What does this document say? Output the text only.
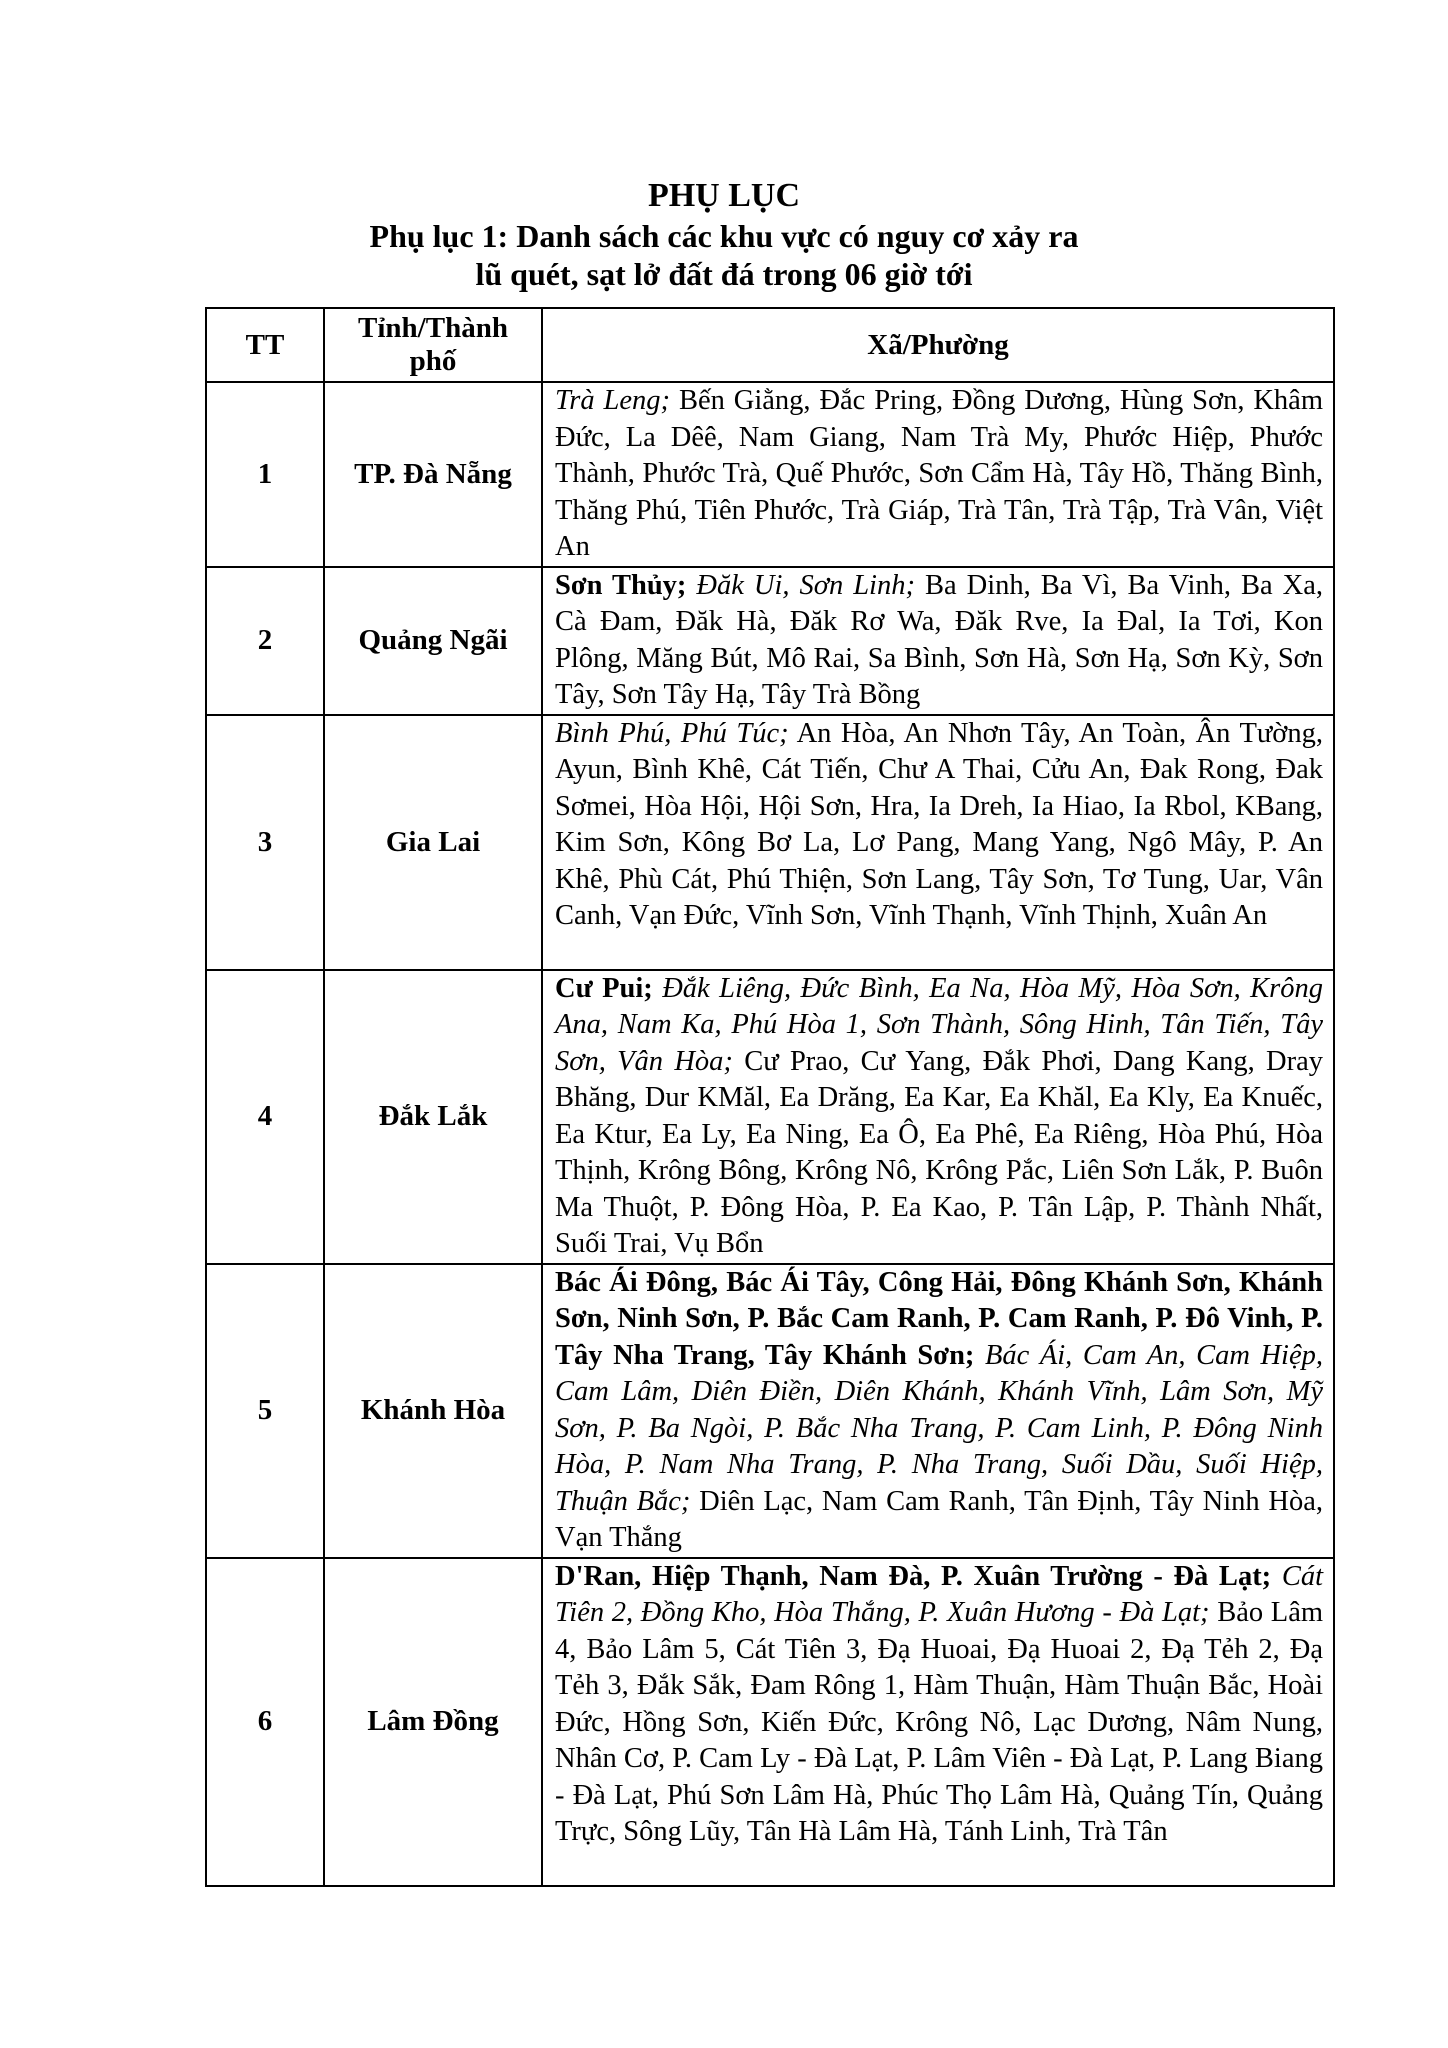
PHỤ LỤC
Phụ lục 1: Danh sách các khu vực có nguy cơ xảy ra
lũ quét, sạt lở đất đá trong 06 giờ tới
TT	Tỉnh/Thành phố	Xã/Phường
1	TP. Đà Nẵng	Trà Leng; Bến Giằng, Đắc Pring, Đồng Dương, Hùng Sơn, Khâm Đức, La Dêê, Nam Giang, Nam Trà My, Phước Hiệp, Phước Thành, Phước Trà, Quế Phước, Sơn Cẩm Hà, Tây Hồ, Thăng Bình, Thăng Phú, Tiên Phước, Trà Giáp, Trà Tân, Trà Tập, Trà Vân, Việt An
2	Quảng Ngãi	Sơn Thủy; Đăk Ui, Sơn Linh; Ba Dinh, Ba Vì, Ba Vinh, Ba Xa, Cà Đam, Đăk Hà, Đăk Rơ Wa, Đăk Rve, Ia Đal, Ia Tơi, Kon Plông, Măng Bút, Mô Rai, Sa Bình, Sơn Hà, Sơn Hạ, Sơn Kỳ, Sơn Tây, Sơn Tây Hạ, Tây Trà Bồng
3	Gia Lai	Bình Phú, Phú Túc; An Hòa, An Nhơn Tây, An Toàn, Ân Tường, Ayun, Bình Khê, Cát Tiến, Chư A Thai, Cửu An, Đak Rong, Đak Sơmei, Hòa Hội, Hội Sơn, Hra, Ia Dreh, Ia Hiao, Ia Rbol, KBang, Kim Sơn, Kông Bơ La, Lơ Pang, Mang Yang, Ngô Mây, P. An Khê, Phù Cát, Phú Thiện, Sơn Lang, Tây Sơn, Tơ Tung, Uar, Vân Canh, Vạn Đức, Vĩnh Sơn, Vĩnh Thạnh, Vĩnh Thịnh, Xuân An
4	Đắk Lắk	Cư Pui; Đắk Liêng, Đức Bình, Ea Na, Hòa Mỹ, Hòa Sơn, Krông Ana, Nam Ka, Phú Hòa 1, Sơn Thành, Sông Hinh, Tân Tiến, Tây Sơn, Vân Hòa; Cư Prao, Cư Yang, Đắk Phơi, Dang Kang, Dray Bhăng, Dur KMăl, Ea Drăng, Ea Kar, Ea Khăl, Ea Kly, Ea Knuếc, Ea Ktur, Ea Ly, Ea Ning, Ea Ô, Ea Phê, Ea Riêng, Hòa Phú, Hòa Thịnh, Krông Bông, Krông Nô, Krông Pắc, Liên Sơn Lắk, P. Buôn Ma Thuột, P. Đông Hòa, P. Ea Kao, P. Tân Lập, P. Thành Nhất, Suối Trai, Vụ Bổn
5	Khánh Hòa	Bác Ái Đông, Bác Ái Tây, Công Hải, Đông Khánh Sơn, Khánh Sơn, Ninh Sơn, P. Bắc Cam Ranh, P. Cam Ranh, P. Đô Vinh, P. Tây Nha Trang, Tây Khánh Sơn; Bác Ái, Cam An, Cam Hiệp, Cam Lâm, Diên Điền, Diên Khánh, Khánh Vĩnh, Lâm Sơn, Mỹ Sơn, P. Ba Ngòi, P. Bắc Nha Trang, P. Cam Linh, P. Đông Ninh Hòa, P. Nam Nha Trang, P. Nha Trang, Suối Dầu, Suối Hiệp, Thuận Bắc; Diên Lạc, Nam Cam Ranh, Tân Định, Tây Ninh Hòa, Vạn Thắng
6	Lâm Đồng	D'Ran, Hiệp Thạnh, Nam Đà, P. Xuân Trường - Đà Lạt; Cát Tiên 2, Đồng Kho, Hòa Thắng, P. Xuân Hương - Đà Lạt; Bảo Lâm 4, Bảo Lâm 5, Cát Tiên 3, Đạ Huoai, Đạ Huoai 2, Đạ Tẻh 2, Đạ Tẻh 3, Đắk Sắk, Đam Rông 1, Hàm Thuận, Hàm Thuận Bắc, Hoài Đức, Hồng Sơn, Kiến Đức, Krông Nô, Lạc Dương, Nâm Nung, Nhân Cơ, P. Cam Ly - Đà Lạt, P. Lâm Viên - Đà Lạt, P. Lang Biang - Đà Lạt, Phú Sơn Lâm Hà, Phúc Thọ Lâm Hà, Quảng Tín, Quảng Trực, Sông Lũy, Tân Hà Lâm Hà, Tánh Linh, Trà Tân
